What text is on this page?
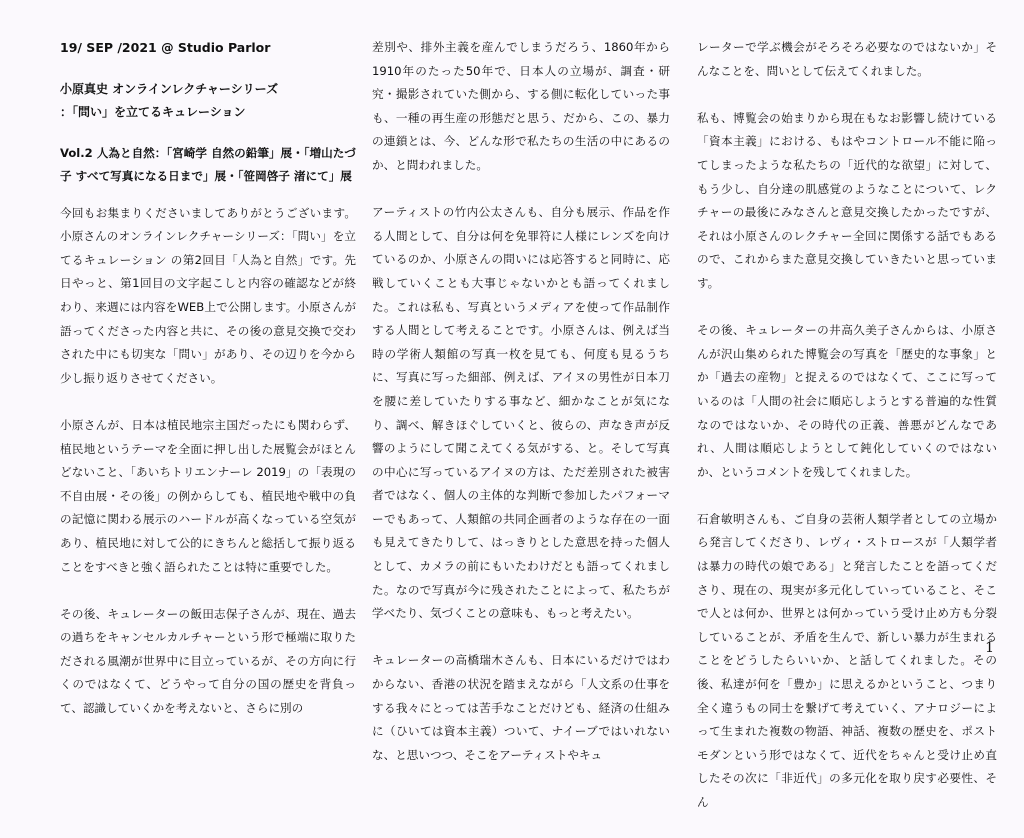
19/ SEP /2021 @ Studio Parlor
小原真史 オンラインレクチャーシリーズ
：「問い」を立てるキュレーション
Vol.2 人為と自然：「宮崎学 自然の鉛筆」展・「増山たづ子 すべて写真になる日まで」展・「笹岡啓子 渚にて」展

今回もお集まりくださいましてありがとうございます。小原さんのオンラインレクチャーシリーズ：「問い」を立てるキュレーション の第2回目「人為と自然」です。先日やっと、第1回目の文字起こしと内容の確認などが終わり、来週には内容をWEB上で公開します。小原さんが語ってくださった内容と共に、その後の意見交換で交わされた中にも切実な「問い」があり、その辺りを今から少し振り返りさせてください。

小原さんが、日本は植民地宗主国だったにも関わらず、植民地というテーマを全面に押し出した展覧会がほとんどないこと、「あいちトリエンナーレ 2019」の「表現の不自由展・その後」の例からしても、植民地や戦中の負の記憶に関わる展示のハードルが高くなっている空気があり、植民地に対して公的にきちんと総括して振り返ることをすべきと強く語られたことは特に重要でした。

その後、キュレーターの飯田志保子さんが、現在、過去の過ちをキャンセルカルチャーという形で極端に取りただされる風潮が世界中に目立っているが、その方向に行くのではなくて、どうやって自分の国の歴史を背負って、認識していくかを考えないと、さらに別の

差別や、排外主義を産んでしまうだろう、1860年から1910年のたった50年で、日本人の立場が、調査・研究・撮影されていた側から、する側に転化していった事も、一種の再生産の形態だと思う、だから、この、暴力の連鎖とは、今、どんな形で私たちの生活の中にあるのか、と問われました。

アーティストの竹内公太さんも、自分も展示、作品を作る人間として、自分は何を免罪符に人様にレンズを向けているのか、小原さんの問いには応答すると同時に、応戦していくことも大事じゃないかとも語ってくれました。これは私も、写真というメディアを使って作品制作する人間として考えることです。小原さんは、例えば当時の学術人類館の写真一枚を見ても、何度も見るうちに、写真に写った細部、例えば、アイヌの男性が日本刀を腰に差していたりする事など、細かなことが気になり、調べ、解きほぐしていくと、彼らの、声なき声が反響のようにして聞こえてくる気がする、と。そして写真の中心に写っているアイヌの方は、ただ差別された被害者ではなく、個人の主体的な判断で参加したパフォーマーでもあって、人類館の共同企画者のような存在の一面も見えてきたりして、はっきりとした意思を持った個人として、カメラの前にもいたわけだとも語ってくれました。なので写真が今に残されたことによって、私たちが学べたり、気づくことの意味も、もっと考えたい。

キュレーターの高橋瑞木さんも、日本にいるだけではわからない、香港の状況を踏まえながら「人文系の仕事をする我々にとっては苦手なことだけども、経済の仕組みに（ひいては資本主義）ついて、ナイーブではいれないな、と思いつつ、そこをアーティストやキュ

レーターで学ぶ機会がそろそろ必要なのではないか」そんなことを、問いとして伝えてくれました。

私も、博覧会の始まりから現在もなお影響し続けている「資本主義」における、もはやコントロール不能に陥ってしまったような私たちの「近代的な欲望」に対して、もう少し、自分達の肌感覚のようなことについて、レクチャーの最後にみなさんと意見交換したかったですが、それは小原さんのレクチャー全回に関係する話でもあるので、これからまた意見交換していきたいと思っています。

その後、キュレーターの井高久美子さんからは、小原さんが沢山集められた博覧会の写真を「歴史的な事象」とか「過去の産物」と捉えるのではなくて、ここに写っているのは「人間の社会に順応しようとする普遍的な性質なのではないか、その時代の正義、善悪がどんなであれ、人間は順応しようとして鈍化していくのではないか、というコメントを残してくれました。

石倉敏明さんも、ご自身の芸術人類学者としての立場から発言してくださり、レヴィ・ストロースが「人類学者は暴力の時代の娘である」と発言したことを語ってくださり、現在の、現実が多元化していっていること、そこで人とは何か、世界とは何かっていう受け止め方も分裂していることが、矛盾を生んで、新しい暴力が生まれることをどうしたらいいか、と話してくれました。その後、私達が何を「豊か」に思えるかということ、つまり全く違うもの同士を繋げて考えていく、アナロジーによって生まれた複数の物語、神話、複数の歴史を、ポストモダンという形ではなくて、近代をちゃんと受け止め直したその次に「非近代」の多元化を取り戻す必要性、そん

1
